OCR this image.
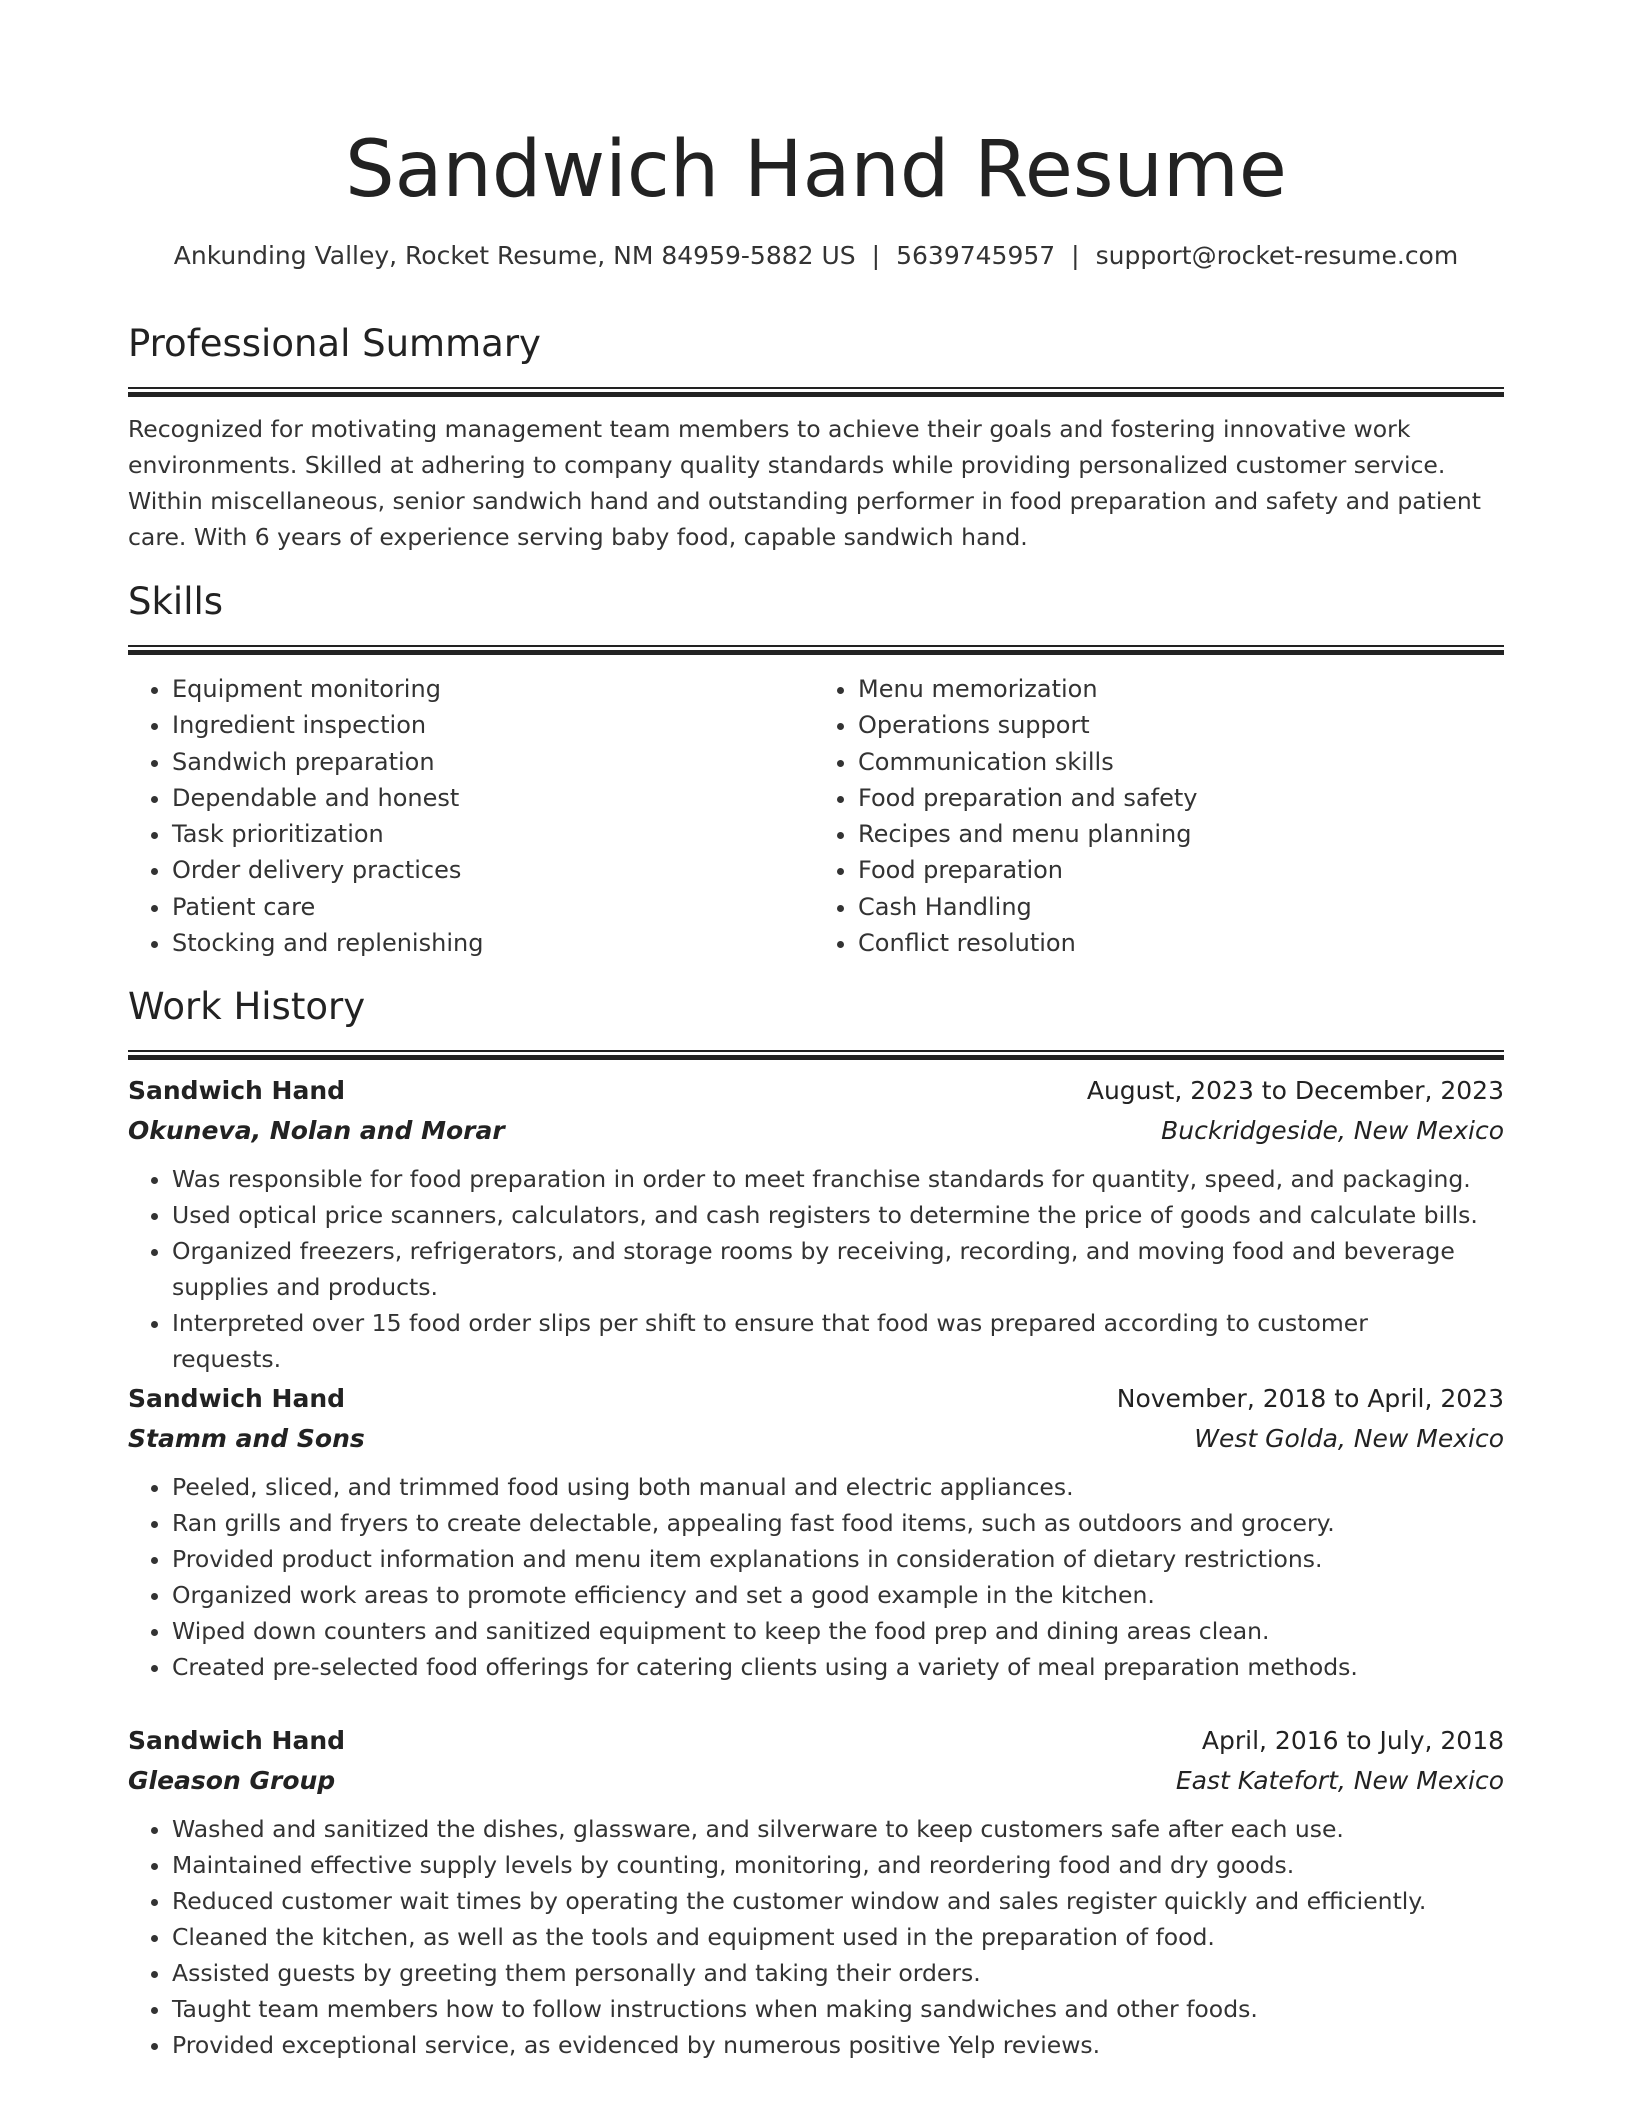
Sandwich Hand Resume
Ankunding Valley, Rocket Resume, NM 84959-5882 US | 5639745957 | support@rocket-resume.com
Professional Summary
Recognized for motivating management team members to achieve their goals and fostering innovative work environments. Skilled at adhering to company quality standards while providing personalized customer service. Within miscellaneous, senior sandwich hand and outstanding performer in food preparation and safety and patient care. With 6 years of experience serving baby food, capable sandwich hand.
Skills
• Equipment monitoring
• Ingredient inspection
• Sandwich preparation
• Dependable and honest
• Task prioritization
• Order delivery practices
• Patient care
• Stocking and replenishing
• Menu memorization
• Operations support
• Communication skills
• Food preparation and safety
• Recipes and menu planning
• Food preparation
• Cash Handling
• Conflict resolution
Work History
Sandwich Hand	August, 2023 to December, 2023
Okuneva, Nolan and Morar	Buckridgeside, New Mexico
• Was responsible for food preparation in order to meet franchise standards for quantity, speed, and packaging.
• Used optical price scanners, calculators, and cash registers to determine the price of goods and calculate bills.
• Organized freezers, refrigerators, and storage rooms by receiving, recording, and moving food and beverage supplies and products.
• Interpreted over 15 food order slips per shift to ensure that food was prepared according to customer requests.
Sandwich Hand	November, 2018 to April, 2023
Stamm and Sons	West Golda, New Mexico
• Peeled, sliced, and trimmed food using both manual and electric appliances.
• Ran grills and fryers to create delectable, appealing fast food items, such as outdoors and grocery.
• Provided product information and menu item explanations in consideration of dietary restrictions.
• Organized work areas to promote efficiency and set a good example in the kitchen.
• Wiped down counters and sanitized equipment to keep the food prep and dining areas clean.
• Created pre-selected food offerings for catering clients using a variety of meal preparation methods.
Sandwich Hand	April, 2016 to July, 2018
Gleason Group	East Katefort, New Mexico
• Washed and sanitized the dishes, glassware, and silverware to keep customers safe after each use.
• Maintained effective supply levels by counting, monitoring, and reordering food and dry goods.
• Reduced customer wait times by operating the customer window and sales register quickly and efficiently.
• Cleaned the kitchen, as well as the tools and equipment used in the preparation of food.
• Assisted guests by greeting them personally and taking their orders.
• Taught team members how to follow instructions when making sandwiches and other foods.
• Provided exceptional service, as evidenced by numerous positive Yelp reviews.
